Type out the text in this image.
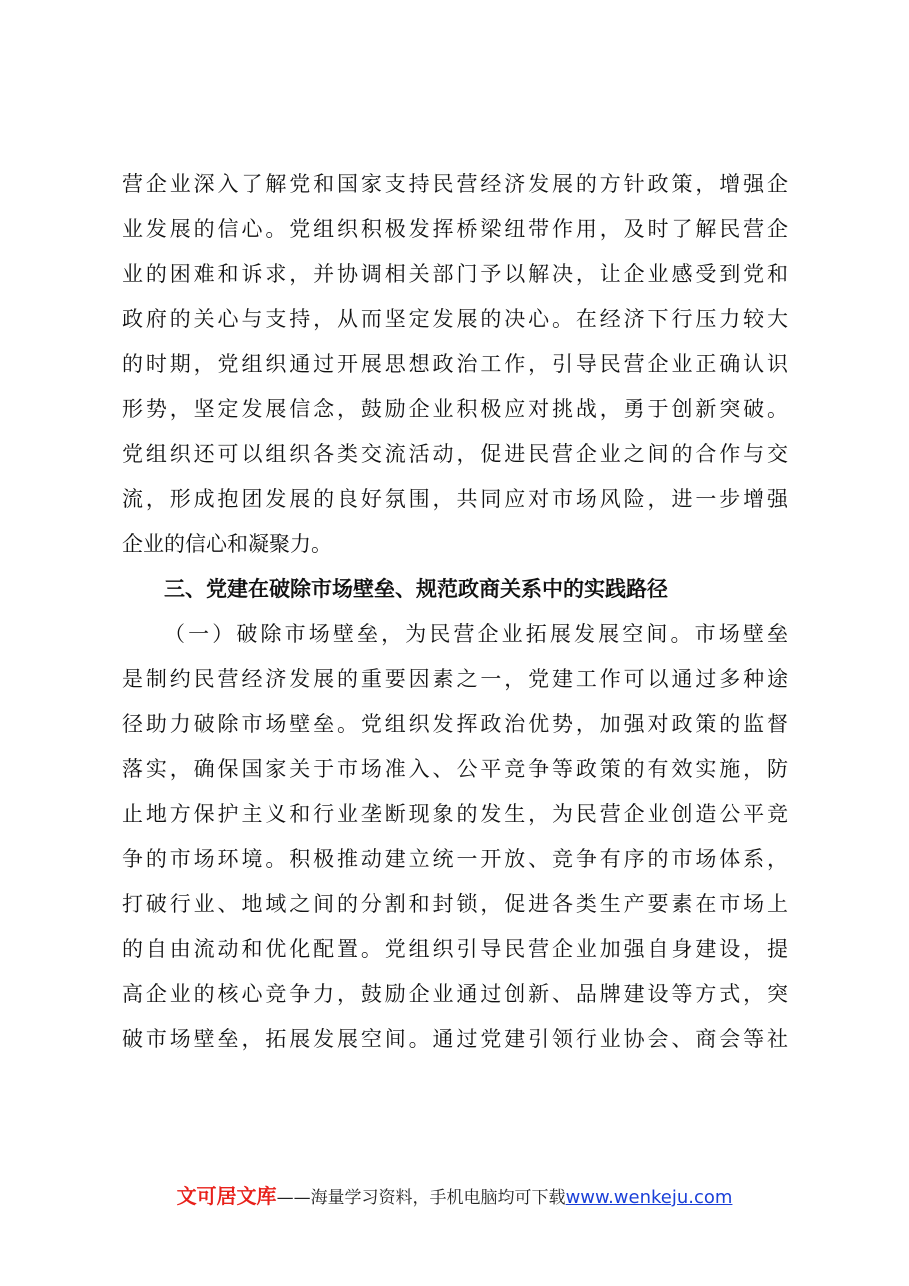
营企业深入了解党和国家支持民营经济发展的方针政策，增强企
业发展的信心。党组织积极发挥桥梁纽带作用，及时了解民营企
业的困难和诉求，并协调相关部门予以解决，让企业感受到党和
政府的关心与支持，从而坚定发展的决心。在经济下行压力较大
的时期，党组织通过开展思想政治工作，引导民营企业正确认识
形势，坚定发展信念，鼓励企业积极应对挑战，勇于创新突破。
党组织还可以组织各类交流活动，促进民营企业之间的合作与交
流，形成抱团发展的良好氛围，共同应对市场风险，进一步增强
企业的信心和凝聚力。
三、党建在破除市场壁垒、规范政商关系中的实践路径
（一）破除市场壁垒，为民营企业拓展发展空间。市场壁垒
是制约民营经济发展的重要因素之一，党建工作可以通过多种途
径助力破除市场壁垒。党组织发挥政治优势，加强对政策的监督
落实，确保国家关于市场准入、公平竞争等政策的有效实施，防
止地方保护主义和行业垄断现象的发生，为民营企业创造公平竞
争的市场环境。积极推动建立统一开放、竞争有序的市场体系，
打破行业、地域之间的分割和封锁，促进各类生产要素在市场上
的自由流动和优化配置。党组织引导民营企业加强自身建设，提
高企业的核心竞争力，鼓励企业通过创新、品牌建设等方式，突
破市场壁垒，拓展发展空间。通过党建引领行业协会、商会等社
文可居文库——海量学习资料，手机电脑均可下载www.wenkeju.com
